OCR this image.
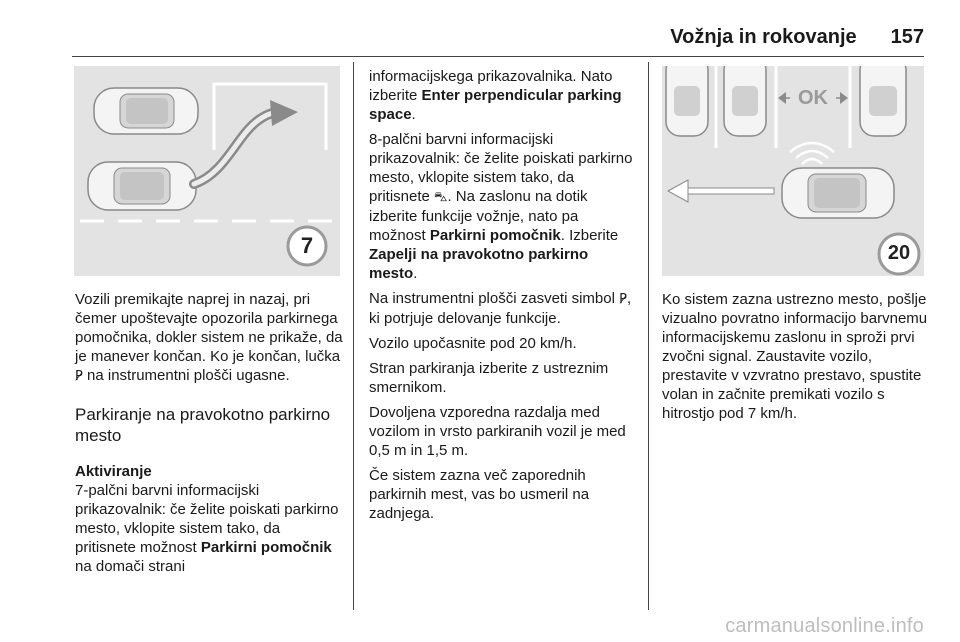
Vožnja in rokovanje 157
7
OK
20

Vozili premikajte naprej in nazaj, pri čemer upoštevajte opozorila parkirnega pomočnika, dokler sistem ne prikaže, da je manever končan. Ko je končan, lučka P̷ na instrumentni plošči ugasne.

Parkiranje na pravokotno parkirno mesto
Aktiviranje

7-palčni barvni informacijski prikazovalnik: če želite poiskati parkirno mesto, vklopite sistem tako, da pritisnete možnost Parkirni pomočnik na domači strani

informacijskega prikazovalnika. Nato izberite Enter perpendicular parking space.

8-palčni barvni informacijski prikazovalnik: če želite poiskati parkirno mesto, vklopite sistem tako, da pritisnete ⛍. Na zaslonu na dotik izberite funkcije vožnje, nato pa možnost Parkirni pomočnik. Izberite Zapelji na pravokotno parkirno mesto.

Na instrumentni plošči zasveti simbol P̷, ki potrjuje delovanje funkcije.

Vozilo upočasnite pod 20 km/h.

Stran parkiranja izberite z ustreznim smernikom.

Dovoljena vzporedna razdalja med vozilom in vrsto parkiranih vozil je med 0,5 m in 1,5 m.

Če sistem zazna več zaporednih parkirnih mest, vas bo usmeril na zadnjega.

Ko sistem zazna ustrezno mesto, pošlje vizualno povratno informacijo barvnemu informacijskemu zaslonu in sproži prvi zvočni signal. Zaustavite vozilo, prestavite v vzvratno prestavo, spustite volan in začnite premikati vozilo s hitrostjo pod 7 km/h.

carmanualsonline.info
